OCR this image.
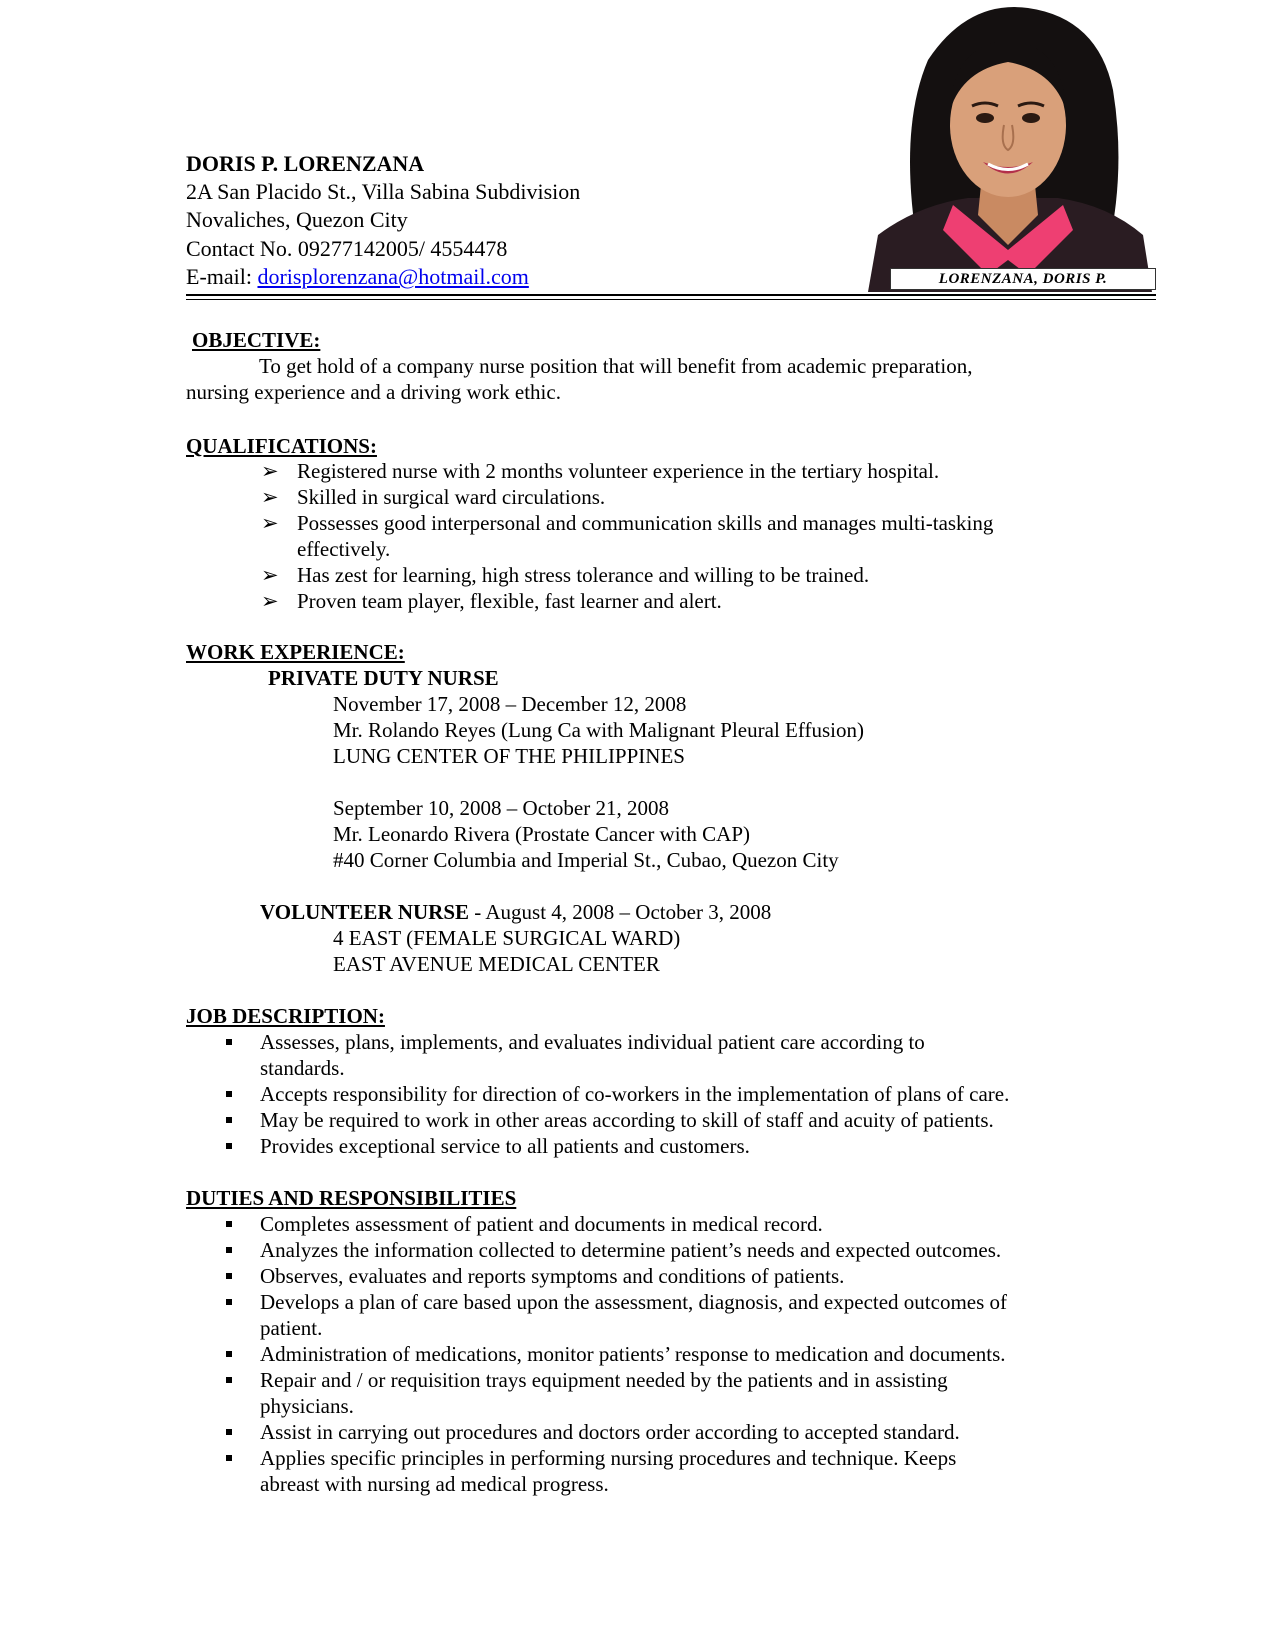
DORIS P. LORENZANA
2A San Placido St., Villa Sabina Subdivision
Novaliches, Quezon City
Contact No. 09277142005/ 4554478
E-mail: dorisplorenzana@hotmail.com	LORENZANA, DORIS P.
OBJECTIVE:
To get hold of a company nurse position that will benefit from academic preparation,
nursing experience and a driving work ethic.
QUALIFICATIONS:
➢ Registered nurse with 2 months volunteer experience in the tertiary hospital.
➢ Skilled in surgical ward circulations.
➢ Possesses good interpersonal and communication skills and manages multi-tasking
effectively.
➢ Has zest for learning, high stress tolerance and willing to be trained.
➢ Proven team player, flexible, fast learner and alert.
WORK EXPERIENCE:
PRIVATE DUTY NURSE
November 17, 2008 – December 12, 2008
Mr. Rolando Reyes (Lung Ca with Malignant Pleural Effusion)
LUNG CENTER OF THE PHILIPPINES
September 10, 2008 – October 21, 2008
Mr. Leonardo Rivera (Prostate Cancer with CAP)
#40 Corner Columbia and Imperial St., Cubao, Quezon City
VOLUNTEER NURSE - August 4, 2008 – October 3, 2008
4 EAST (FEMALE SURGICAL WARD)
EAST AVENUE MEDICAL CENTER
JOB DESCRIPTION:
Assesses, plans, implements, and evaluates individual patient care according to
standards.
Accepts responsibility for direction of co-workers in the implementation of plans of care.
May be required to work in other areas according to skill of staff and acuity of patients.
Provides exceptional service to all patients and customers.
DUTIES AND RESPONSIBILITIES
Completes assessment of patient and documents in medical record.
Analyzes the information collected to determine patient’s needs and expected outcomes.
Observes, evaluates and reports symptoms and conditions of patients.
Develops a plan of care based upon the assessment, diagnosis, and expected outcomes of
patient.
Administration of medications, monitor patients’ response to medication and documents.
Repair and / or requisition trays equipment needed by the patients and in assisting
physicians.
Assist in carrying out procedures and doctors order according to accepted standard.
Applies specific principles in performing nursing procedures and technique. Keeps
abreast with nursing ad medical progress.
